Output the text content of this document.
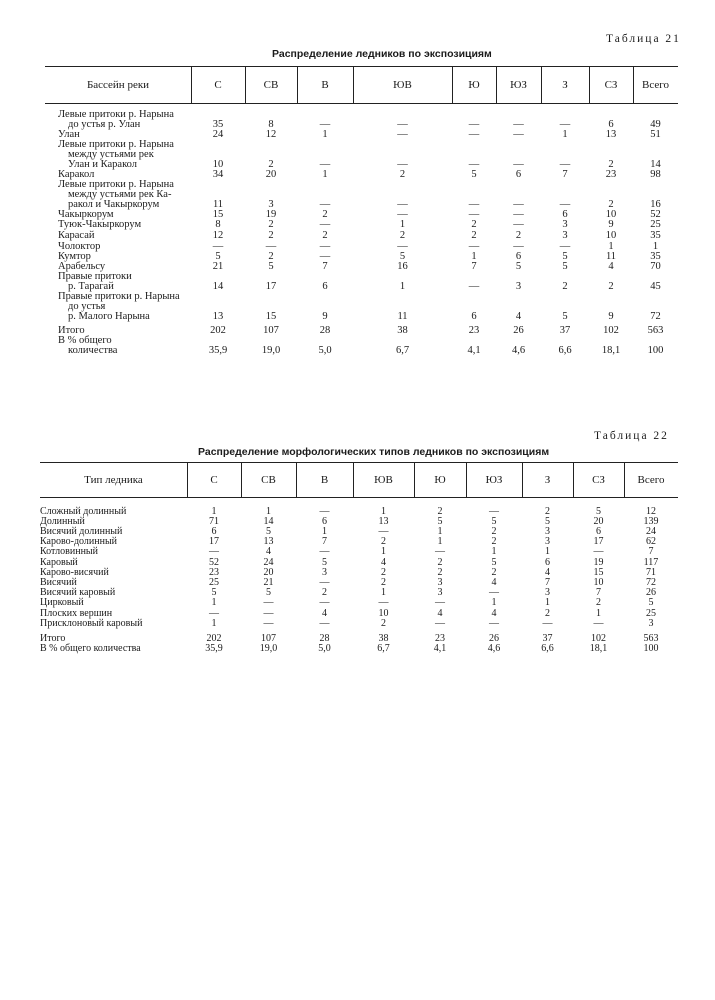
Таблица 21
Распределение ледников по экспозициям
Бассейн реки	С	СВ	В	ЮВ	Ю	ЮЗ	З	СЗ	Всего
Левые притоки р. Нарына
до устья р. Улан	35	8	—	—	—	—	—	6	49
Улан	24	12	1	—	—	—	1	13	51
Левые притоки р. Нарына
между устьями рек
Улан и Каракол	10	2	—	—	—	—	—	2	14
Каракол	34	20	1	2	5	6	7	23	98
Левые притоки р. Нарына
между устьями рек Ка-
ракол и Чакыркорум	11	3	—	—	—	—	—	2	16
Чакыркорум	15	19	2	—	—	—	6	10	52
Туюк-Чакыркорум	8	2	—	1	2	—	3	9	25
Карасай	12	2	2	2	2	2	3	10	35
Чолоктор	—	—	—	—	—	—	—	1	1
Кумтор	5	2	—	5	1	6	5	11	35
Арабельсу	21	5	7	16	7	5	5	4	70
Правые притоки
р. Тарагай	14	17	6	1	—	3	2	2	45
Правые притоки р. Нарына
до устья
р. Малого Нарына	13	15	9	11	6	4	5	9	72
Итого	202	107	28	38	23	26	37	102	563
В % общего
количества	35,9	19,0	5,0	6,7	4,1	4,6	6,6	18,1	100
Таблица 22
Распределение морфологических типов ледников по экспозициям
Тип ледника	С	СВ	В	ЮВ	Ю	ЮЗ	З	СЗ	Всего
Сложный долинный	1	1	—	1	2	—	2	5	12
Долинный	71	14	6	13	5	5	5	20	139
Висячий долинный	6	5	1	—	1	2	3	6	24
Карово-долинный	17	13	7	2	1	2	3	17	62
Котловинный	—	4	—	1	—	1	1	—	7
Каровый	52	24	5	4	2	5	6	19	117
Карово-висячий	23	20	3	2	2	2	4	15	71
Висячий	25	21	—	2	3	4	7	10	72
Висячий каровый	5	5	2	1	3	—	3	7	26
Цирковый	1	—	—	—	—	1	1	2	5
Плоских вершин	—	—	4	10	4	4	2	1	25
Присклоновый каровый	1	—	—	2	—	—	—	—	3
Итого	202	107	28	38	23	26	37	102	563
В % общего количества	35,9	19,0	5,0	6,7	4,1	4,6	6,6	18,1	100
